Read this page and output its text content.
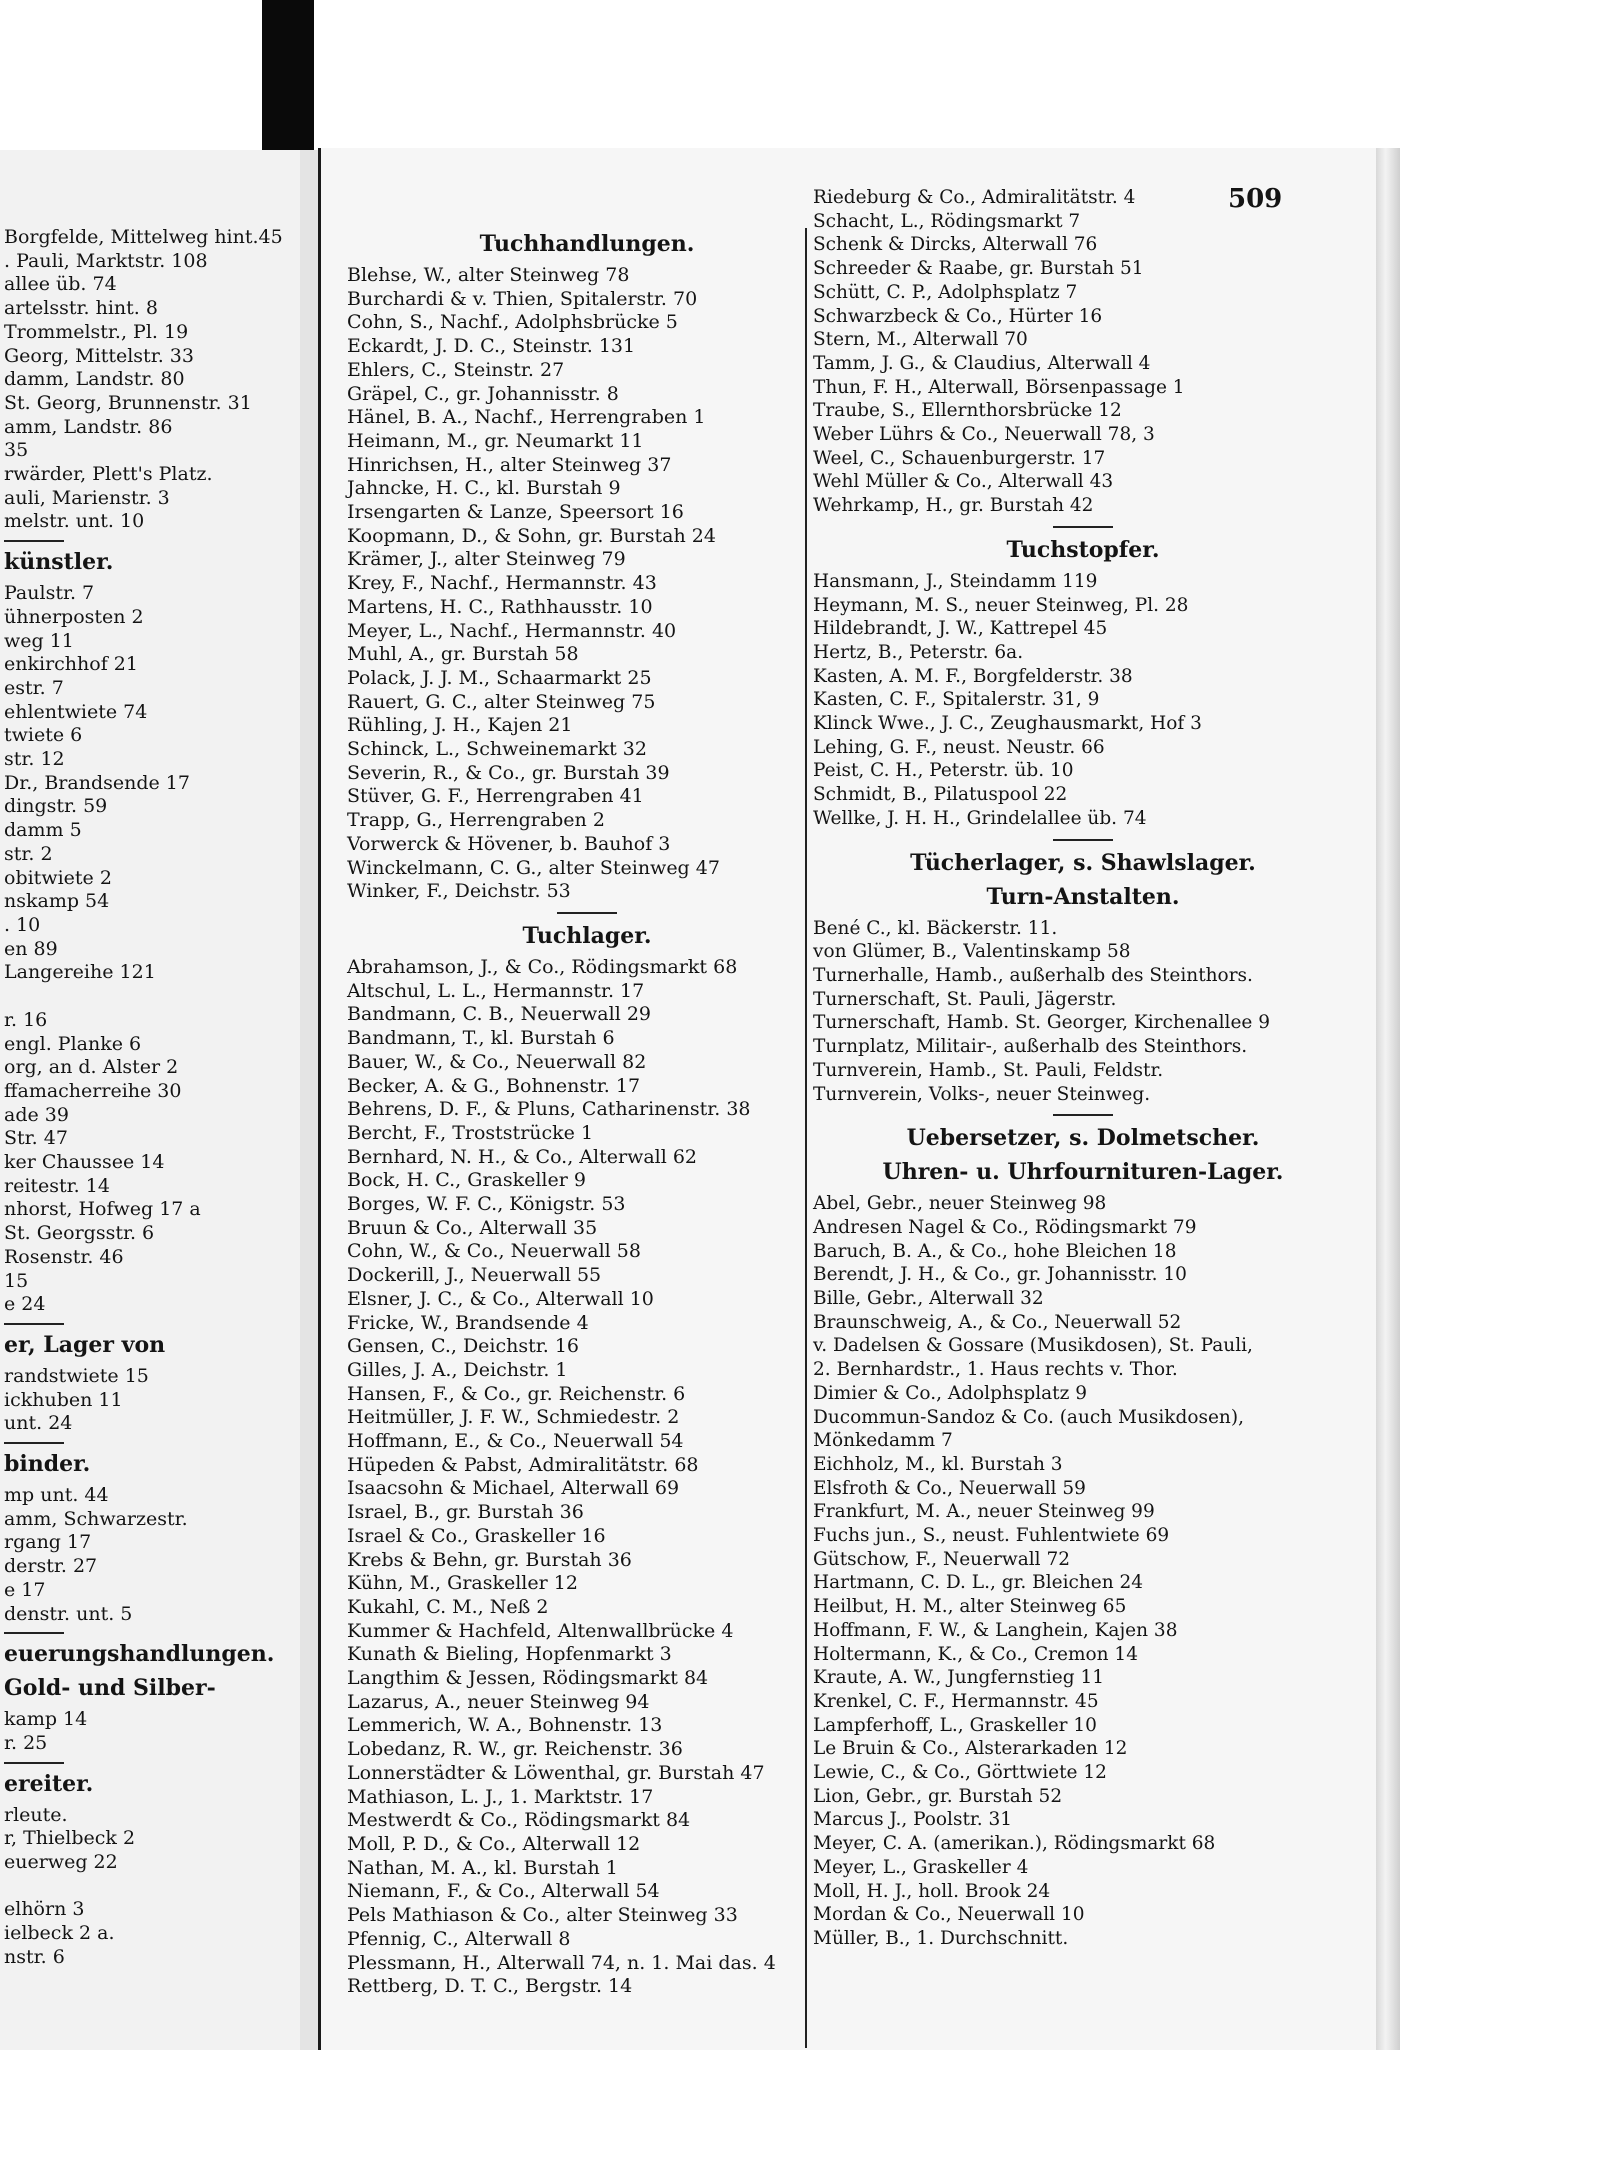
Borgfelde, Mittelweg hint.45
. Pauli, Marktstr. 108
allee üb. 74
artelsstr. hint. 8
Trommelstr., Pl. 19
Georg, Mittelstr. 33
damm, Landstr. 80
St. Georg, Brunnenstr. 31
amm, Landstr. 86
35
rwärder, Plett's Platz.
auli, Marienstr. 3
melstr. unt. 10
künstler.
Paulstr. 7
ühnerposten 2
weg 11
enkirchhof 21
estr. 7
ehlentwiete 74
twiete 6
str. 12
Dr., Brandsende 17
dingstr. 59
damm 5
str. 2
obitwiete 2
nskamp 54
. 10
en 89
Langereihe 121

r. 16
engl. Planke 6
org, an d. Alster 2
ffamacherreihe 30
ade 39
Str. 47
ker Chaussee 14
reitestr. 14
nhorst, Hofweg 17 a
St. Georgsstr. 6
Rosenstr. 46
15
e 24
er, Lager von
randstwiete 15
ickhuben 11
unt. 24
binder.
mp unt. 44
amm, Schwarzestr.
rgang 17
derstr. 27
e 17
denstr. unt. 5
euerungshandlungen.
Gold- und Silber-
kamp 14
r. 25
ereiter.
rleute.
r, Thielbeck 2
euerweg 22

elhörn 3
ielbeck 2 a.
nstr. 6
509
Tuchhandlungen.
Blehse, W., alter Steinweg 78
Burchardi & v. Thien, Spitalerstr. 70
Cohn, S., Nachf., Adolphsbrücke 5
Eckardt, J. D. C., Steinstr. 131
Ehlers, C., Steinstr. 27
Gräpel, C., gr. Johannisstr. 8
Hänel, B. A., Nachf., Herrengraben 1
Heimann, M., gr. Neumarkt 11
Hinrichsen, H., alter Steinweg 37
Jahncke, H. C., kl. Burstah 9
Irsengarten & Lanze, Speersort 16
Koopmann, D., & Sohn, gr. Burstah 24
Krämer, J., alter Steinweg 79
Krey, F., Nachf., Hermannstr. 43
Martens, H. C., Rathhausstr. 10
Meyer, L., Nachf., Hermannstr. 40
Muhl, A., gr. Burstah 58
Polack, J. J. M., Schaarmarkt 25
Rauert, G. C., alter Steinweg 75
Rühling, J. H., Kajen 21
Schinck, L., Schweinemarkt 32
Severin, R., & Co., gr. Burstah 39
Stüver, G. F., Herrengraben 41
Trapp, G., Herrengraben 2
Vorwerck & Hövener, b. Bauhof 3
Winckelmann, C. G., alter Steinweg 47
Winker, F., Deichstr. 53
Tuchlager.
Abrahamson, J., & Co., Rödingsmarkt 68
Altschul, L. L., Hermannstr. 17
Bandmann, C. B., Neuerwall 29
Bandmann, T., kl. Burstah 6
Bauer, W., & Co., Neuerwall 82
Becker, A. & G., Bohnenstr. 17
Behrens, D. F., & Pluns, Catharinenstr. 38
Bercht, F., Troststrücke 1
Bernhard, N. H., & Co., Alterwall 62
Bock, H. C., Graskeller 9
Borges, W. F. C., Königstr. 53
Bruun & Co., Alterwall 35
Cohn, W., & Co., Neuerwall 58
Dockerill, J., Neuerwall 55
Elsner, J. C., & Co., Alterwall 10
Fricke, W., Brandsende 4
Gensen, C., Deichstr. 16
Gilles, J. A., Deichstr. 1
Hansen, F., & Co., gr. Reichenstr. 6
Heitmüller, J. F. W., Schmiedestr. 2
Hoffmann, E., & Co., Neuerwall 54
Hüpeden & Pabst, Admiralitätstr. 68
Isaacsohn & Michael, Alterwall 69
Israel, B., gr. Burstah 36
Israel & Co., Graskeller 16
Krebs & Behn, gr. Burstah 36
Kühn, M., Graskeller 12
Kukahl, C. M., Neß 2
Kummer & Hachfeld, Altenwallbrücke 4
Kunath & Bieling, Hopfenmarkt 3
Langthim & Jessen, Rödingsmarkt 84
Lazarus, A., neuer Steinweg 94
Lemmerich, W. A., Bohnenstr. 13
Lobedanz, R. W., gr. Reichenstr. 36
Lonnerstädter & Löwenthal, gr. Burstah 47
Mathiason, L. J., 1. Marktstr. 17
Mestwerdt & Co., Rödingsmarkt 84
Moll, P. D., & Co., Alterwall 12
Nathan, M. A., kl. Burstah 1
Niemann, F., & Co., Alterwall 54
Pels Mathiason & Co., alter Steinweg 33
Pfennig, C., Alterwall 8
Plessmann, H., Alterwall 74, n. 1. Mai das. 4
Rettberg, D. T. C., Bergstr. 14
Riedeburg & Co., Admiralitätstr. 4
Schacht, L., Rödingsmarkt 7
Schenk & Dircks, Alterwall 76
Schreeder & Raabe, gr. Burstah 51
Schütt, C. P., Adolphsplatz 7
Schwarzbeck & Co., Hürter 16
Stern, M., Alterwall 70
Tamm, J. G., & Claudius, Alterwall 4
Thun, F. H., Alterwall, Börsenpassage 1
Traube, S., Ellernthorsbrücke 12
Weber Lührs & Co., Neuerwall 78, 3
Weel, C., Schauenburgerstr. 17
Wehl Müller & Co., Alterwall 43
Wehrkamp, H., gr. Burstah 42
Tuchstopfer.
Hansmann, J., Steindamm 119
Heymann, M. S., neuer Steinweg, Pl. 28
Hildebrandt, J. W., Kattrepel 45
Hertz, B., Peterstr. 6a.
Kasten, A. M. F., Borgfelderstr. 38
Kasten, C. F., Spitalerstr. 31, 9
Klinck Wwe., J. C., Zeughausmarkt, Hof 3
Lehing, G. F., neust. Neustr. 66
Peist, C. H., Peterstr. üb. 10
Schmidt, B., Pilatuspool 22
Wellke, J. H. H., Grindelallee üb. 74
Tücherlager, s. Shawlslager.
Turn-Anstalten.
Bené C., kl. Bäckerstr. 11.
von Glümer, B., Valentinskamp 58
Turnerhalle, Hamb., außerhalb des Steinthors.
Turnerschaft, St. Pauli, Jägerstr.
Turnerschaft, Hamb. St. Georger, Kirchenallee 9
Turnplatz, Militair-, außerhalb des Steinthors.
Turnverein, Hamb., St. Pauli, Feldstr.
Turnverein, Volks-, neuer Steinweg.
Uebersetzer, s. Dolmetscher.
Uhren- u. Uhrfournituren-Lager.
Abel, Gebr., neuer Steinweg 98
Andresen Nagel & Co., Rödingsmarkt 79
Baruch, B. A., & Co., hohe Bleichen 18
Berendt, J. H., & Co., gr. Johannisstr. 10
Bille, Gebr., Alterwall 32
Braunschweig, A., & Co., Neuerwall 52
v. Dadelsen & Gossare (Musikdosen), St. Pauli,
2. Bernhardstr., 1. Haus rechts v. Thor.
Dimier & Co., Adolphsplatz 9
Ducommun-Sandoz & Co. (auch Musikdosen),
Mönkedamm 7
Eichholz, M., kl. Burstah 3
Elsfroth & Co., Neuerwall 59
Frankfurt, M. A., neuer Steinweg 99
Fuchs jun., S., neust. Fuhlentwiete 69
Gütschow, F., Neuerwall 72
Hartmann, C. D. L., gr. Bleichen 24
Heilbut, H. M., alter Steinweg 65
Hoffmann, F. W., & Langhein, Kajen 38
Holtermann, K., & Co., Cremon 14
Kraute, A. W., Jungfernstieg 11
Krenkel, C. F., Hermannstr. 45
Lampferhoff, L., Graskeller 10
Le Bruin & Co., Alsterarkaden 12
Lewie, C., & Co., Görttwiete 12
Lion, Gebr., gr. Burstah 52
Marcus J., Poolstr. 31
Meyer, C. A. (amerikan.), Rödingsmarkt 68
Meyer, L., Graskeller 4
Moll, H. J., holl. Brook 24
Mordan & Co., Neuerwall 10
Müller, B., 1. Durchschnitt.
